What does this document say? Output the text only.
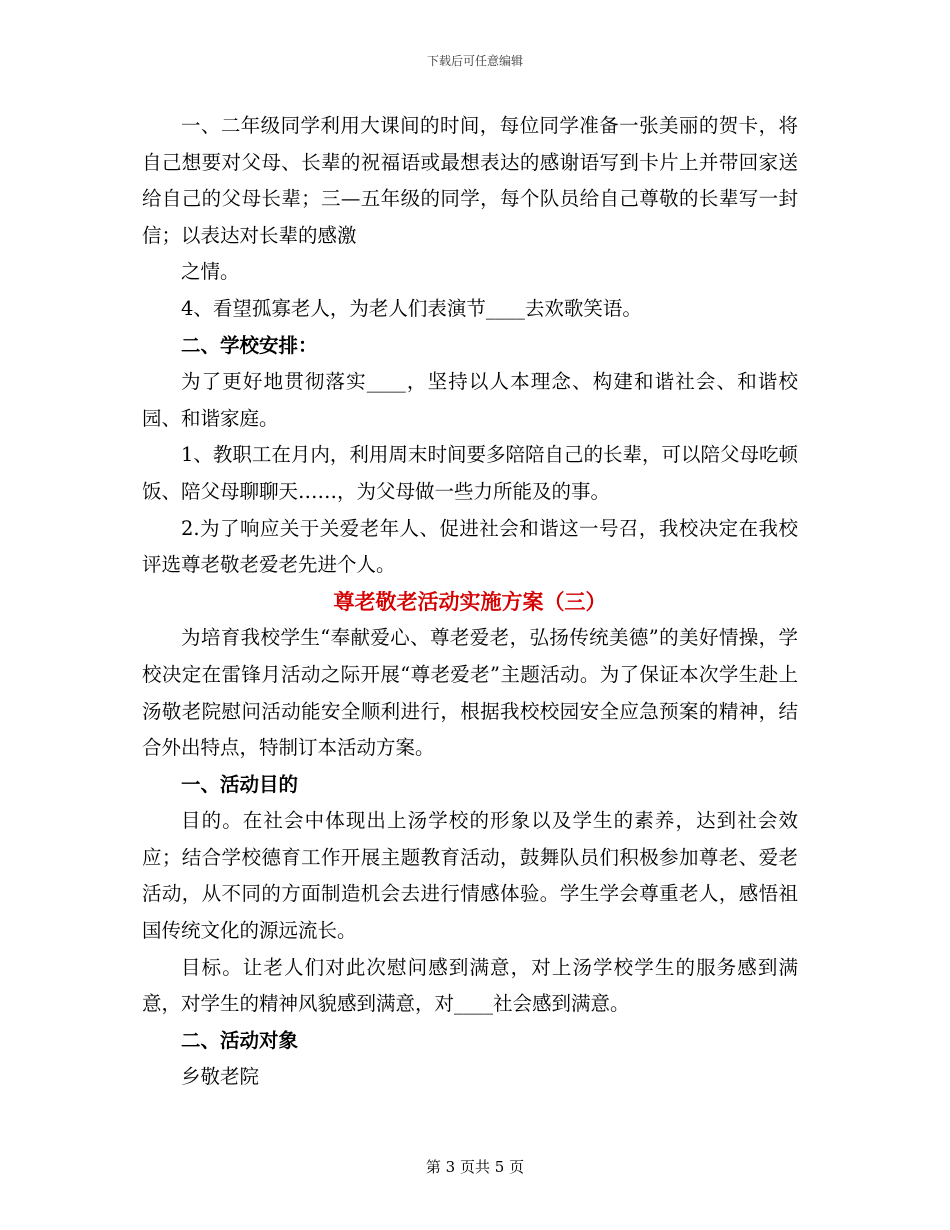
下载后可任意编辑

一、二年级同学利用大课间的时间，每位同学准备一张美丽的贺卡，将自己想要对父母、长辈的祝福语或最想表达的感谢语写到卡片上并带回家送给自己的父母长辈；三—五年级的同学，每个队员给自己尊敬的长辈写一封信；以表达对长辈的感激

之情。

4、看望孤寡老人，为老人们表演节____去欢歌笑语。

二、学校安排：

为了更好地贯彻落实____，坚持以人本理念、构建和谐社会、和谐校园、和谐家庭。

1、教职工在月内，利用周末时间要多陪陪自己的长辈，可以陪父母吃顿饭、陪父母聊聊天……，为父母做一些力所能及的事。

2.为了响应关于关爱老年人、促进社会和谐这一号召，我校决定在我校评选尊老敬老爱老先进个人。

尊老敬老活动实施方案（三）

为培育我校学生“奉献爱心、尊老爱老，弘扬传统美德”的美好情操，学校决定在雷锋月活动之际开展“尊老爱老”主题活动。为了保证本次学生赴上汤敬老院慰问活动能安全顺利进行，根据我校校园安全应急预案的精神，结合外出特点，特制订本活动方案。

一、活动目的

目的。在社会中体现出上汤学校的形象以及学生的素养，达到社会效应；结合学校德育工作开展主题教育活动，鼓舞队员们积极参加尊老、爱老活动，从不同的方面制造机会去进行情感体验。学生学会尊重老人，感悟祖国传统文化的源远流长。

目标。让老人们对此次慰问感到满意，对上汤学校学生的服务感到满意，对学生的精神风貌感到满意，对____社会感到满意。

二、活动对象

乡敬老院

第 3 页共 5 页
